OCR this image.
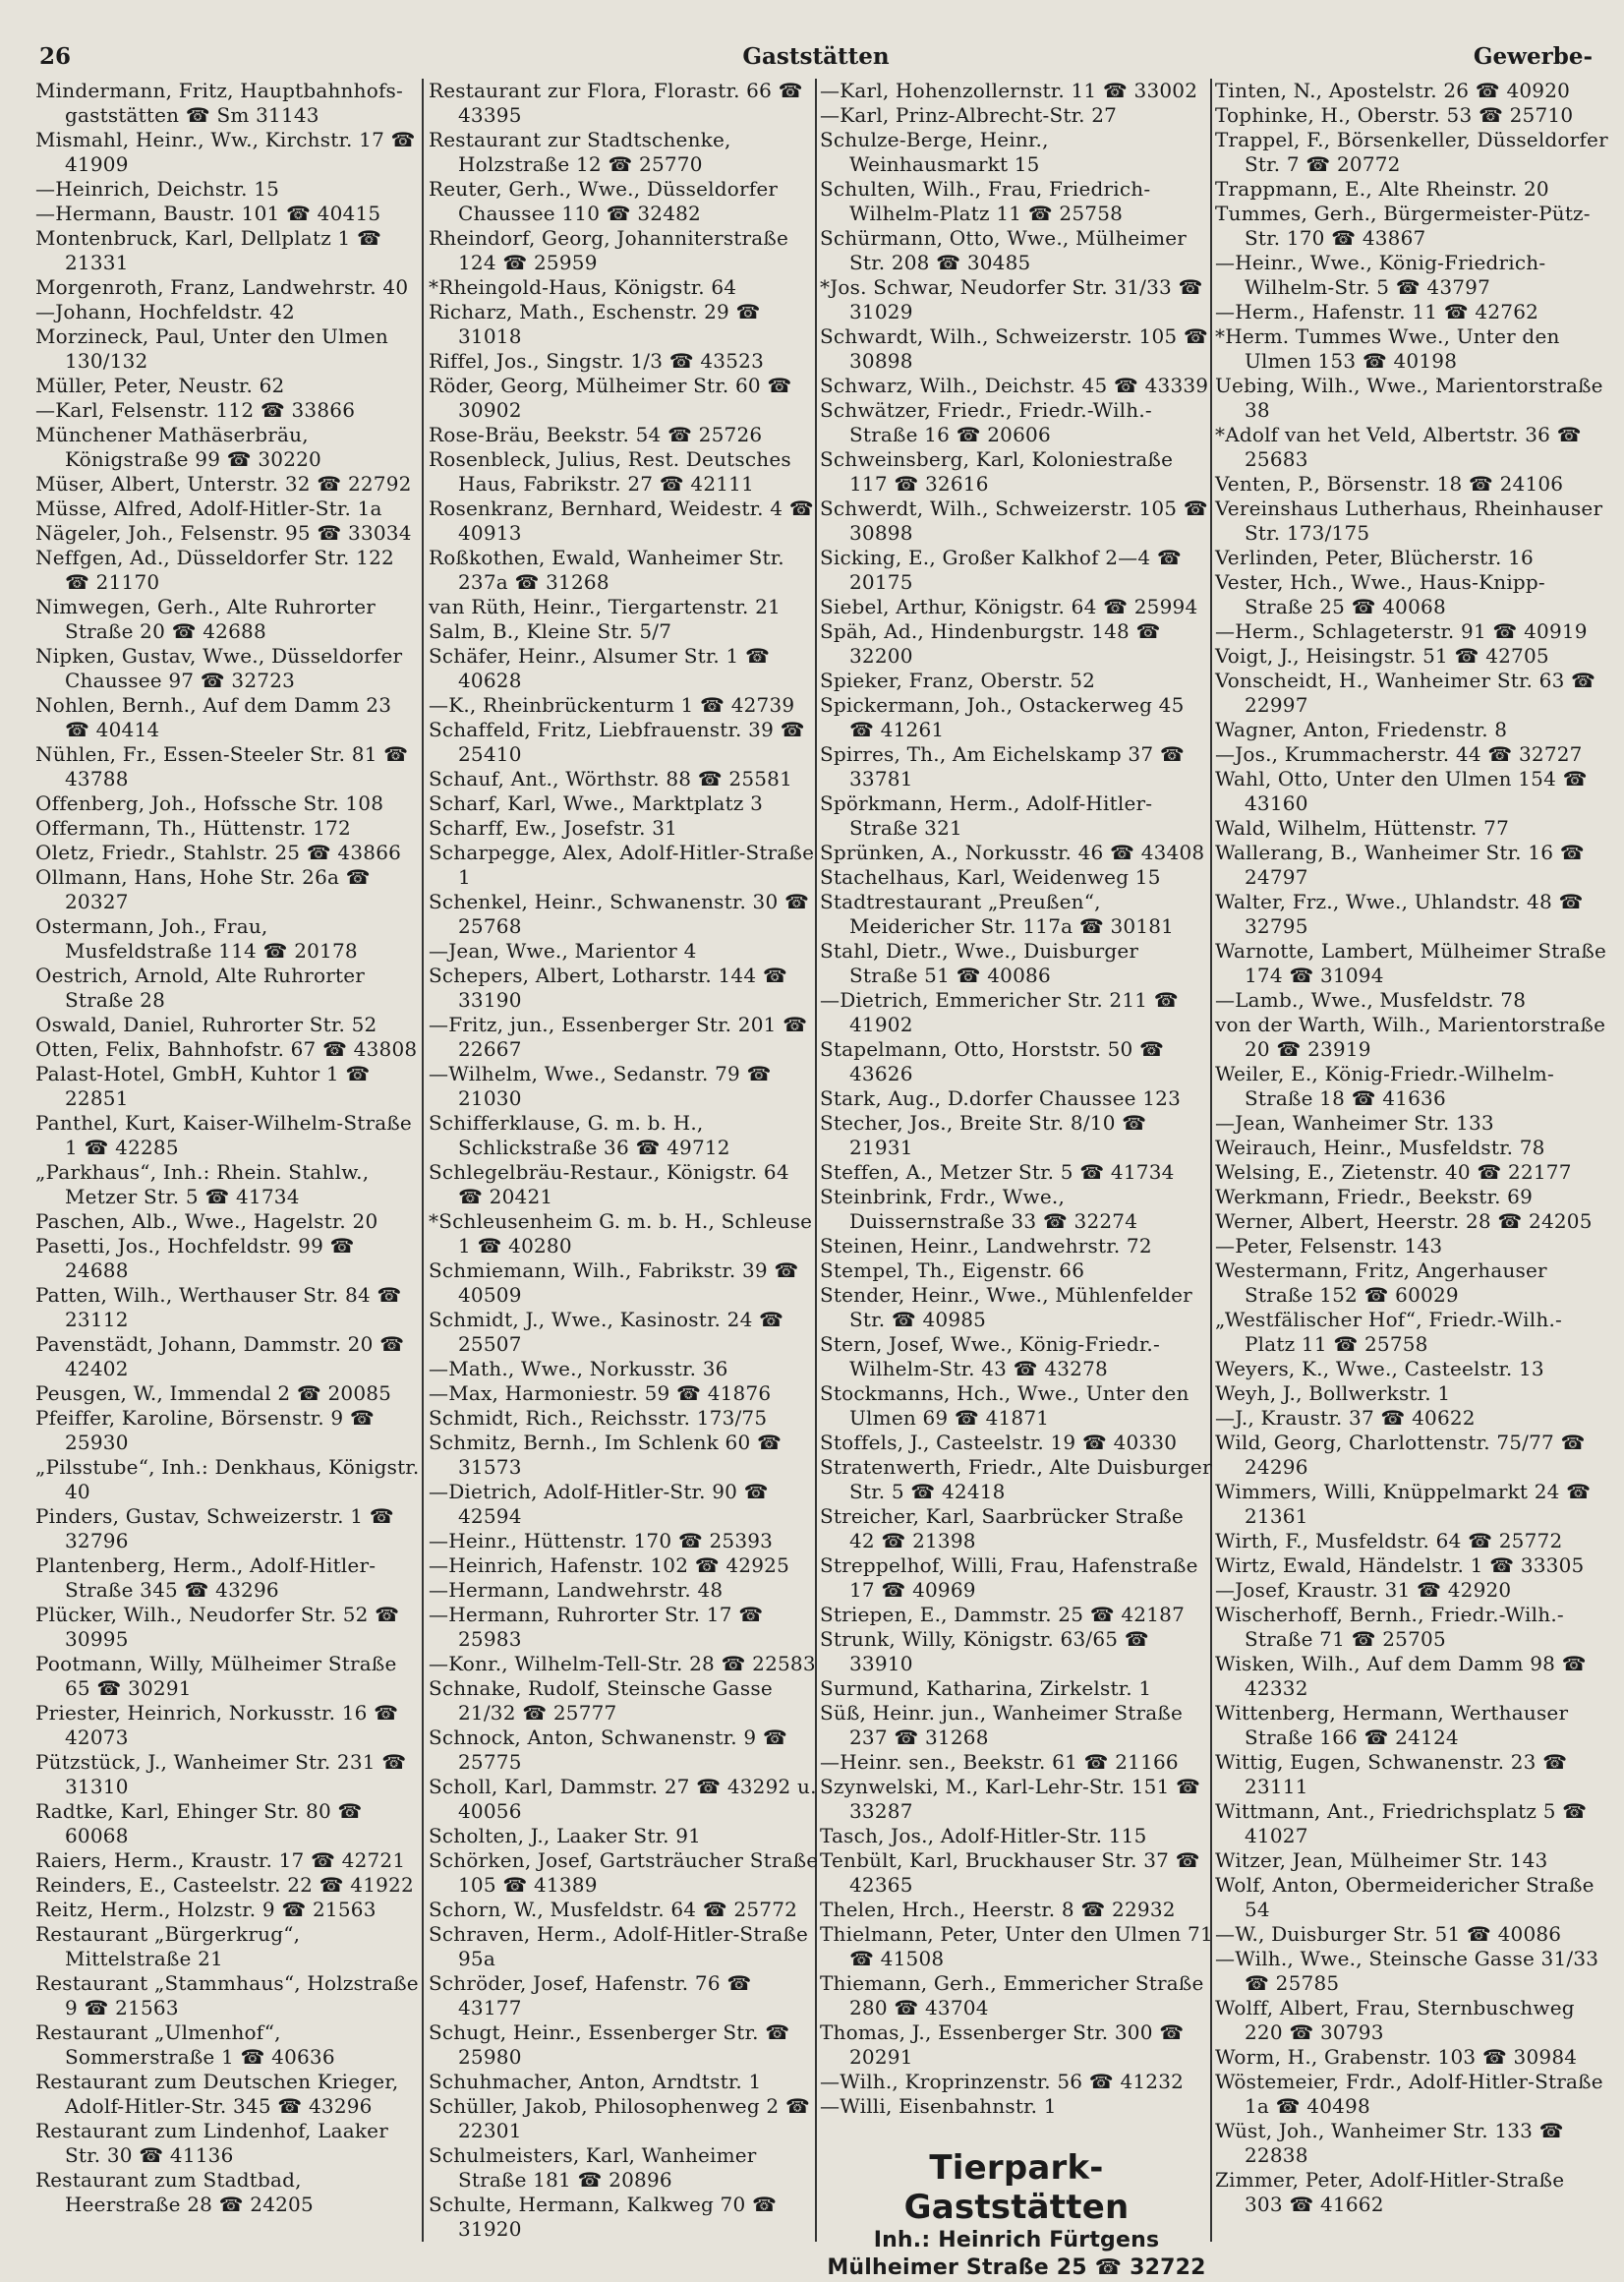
26	Gaststätten	Gewerbe-
Mindermann, Fritz, Hauptbahnhofs-gaststätten ☎ Sm 31143
Mismahl, Heinr., Ww., Kirchstr. 17 ☎ 41909
—Heinrich, Deichstr. 15
—Hermann, Baustr. 101 ☎ 40415
Montenbruck, Karl, Dellplatz 1 ☎ 21331
Morgenroth, Franz, Landwehrstr. 40
—Johann, Hochfeldstr. 42
Morzineck, Paul, Unter den Ulmen 130/132
Müller, Peter, Neustr. 62
—Karl, Felsenstr. 112 ☎ 33866
Münchener Mathäserbräu, Königstraße 99 ☎ 30220
Müser, Albert, Unterstr. 32 ☎ 22792
Müsse, Alfred, Adolf-Hitler-Str. 1a
Nägeler, Joh., Felsenstr. 95 ☎ 33034
Neffgen, Ad., Düsseldorfer Str. 122 ☎ 21170
Nimwegen, Gerh., Alte Ruhrorter Straße 20 ☎ 42688
Nipken, Gustav, Wwe., Düsseldorfer Chaussee 97 ☎ 32723
Nohlen, Bernh., Auf dem Damm 23 ☎ 40414
Nühlen, Fr., Essen-Steeler Str. 81 ☎ 43788
Offenberg, Joh., Hofssche Str. 108
Offermann, Th., Hüttenstr. 172
Oletz, Friedr., Stahlstr. 25 ☎ 43866
Ollmann, Hans, Hohe Str. 26a ☎ 20327
Ostermann, Joh., Frau, Musfeldstraße 114 ☎ 20178
Oestrich, Arnold, Alte Ruhrorter Straße 28
Oswald, Daniel, Ruhrorter Str. 52
Otten, Felix, Bahnhofstr. 67 ☎ 43808
Palast-Hotel, GmbH, Kuhtor 1 ☎ 22851
Panthel, Kurt, Kaiser-Wilhelm-Straße 1 ☎ 42285
„Parkhaus“, Inh.: Rhein. Stahlw., Metzer Str. 5 ☎ 41734
Paschen, Alb., Wwe., Hagelstr. 20
Pasetti, Jos., Hochfeldstr. 99 ☎ 24688
Patten, Wilh., Werthauser Str. 84 ☎ 23112
Pavenstädt, Johann, Dammstr. 20 ☎ 42402
Peusgen, W., Immendal 2 ☎ 20085
Pfeiffer, Karoline, Börsenstr. 9 ☎ 25930
„Pilsstube“, Inh.: Denkhaus, Königstr. 40
Pinders, Gustav, Schweizerstr. 1 ☎ 32796
Plantenberg, Herm., Adolf-Hitler-Straße 345 ☎ 43296
Plücker, Wilh., Neudorfer Str. 52 ☎ 30995
Pootmann, Willy, Mülheimer Straße 65 ☎ 30291
Priester, Heinrich, Norkusstr. 16 ☎ 42073
Pützstück, J., Wanheimer Str. 231 ☎ 31310
Radtke, Karl, Ehinger Str. 80 ☎ 60068
Raiers, Herm., Kraustr. 17 ☎ 42721
Reinders, E., Casteelstr. 22 ☎ 41922
Reitz, Herm., Holzstr. 9 ☎ 21563
Restaurant „Bürgerkrug“, Mittelstraße 21
Restaurant „Stammhaus“, Holzstraße 9 ☎ 21563
Restaurant „Ulmenhof“, Sommerstraße 1 ☎ 40636
Restaurant zum Deutschen Krieger, Adolf-Hitler-Str. 345 ☎ 43296
Restaurant zum Lindenhof, Laaker Str. 30 ☎ 41136
Restaurant zum Stadtbad, Heerstraße 28 ☎ 24205
Restaurant zur Flora, Florastr. 66 ☎ 43395
Restaurant zur Stadtschenke, Holzstraße 12 ☎ 25770
Reuter, Gerh., Wwe., Düsseldorfer Chaussee 110 ☎ 32482
Rheindorf, Georg, Johanniterstraße 124 ☎ 25959
*Rheingold-Haus, Königstr. 64
Richarz, Math., Eschenstr. 29 ☎ 31018
Riffel, Jos., Singstr. 1/3 ☎ 43523
Röder, Georg, Mülheimer Str. 60 ☎ 30902
Rose-Bräu, Beekstr. 54 ☎ 25726
Rosenbleck, Julius, Rest. Deutsches Haus, Fabrikstr. 27 ☎ 42111
Rosenkranz, Bernhard, Weidestr. 4 ☎ 40913
Roßkothen, Ewald, Wanheimer Str. 237a ☎ 31268
van Rüth, Heinr., Tiergartenstr. 21
Salm, B., Kleine Str. 5/7
Schäfer, Heinr., Alsumer Str. 1 ☎ 40628
—K., Rheinbrückenturm 1 ☎ 42739
Schaffeld, Fritz, Liebfrauenstr. 39 ☎ 25410
Schauf, Ant., Wörthstr. 88 ☎ 25581
Scharf, Karl, Wwe., Marktplatz 3
Scharff, Ew., Josefstr. 31
Scharpegge, Alex, Adolf-Hitler-Straße 1
Schenkel, Heinr., Schwanenstr. 30 ☎ 25768
—Jean, Wwe., Marientor 4
Schepers, Albert, Lotharstr. 144 ☎ 33190
—Fritz, jun., Essenberger Str. 201 ☎ 22667
—Wilhelm, Wwe., Sedanstr. 79 ☎ 21030
Schifferklause, G. m. b. H., Schlickstraße 36 ☎ 49712
Schlegelbräu-Restaur., Königstr. 64 ☎ 20421
*Schleusenheim G. m. b. H., Schleuse 1 ☎ 40280
Schmiemann, Wilh., Fabrikstr. 39 ☎ 40509
Schmidt, J., Wwe., Kasinostr. 24 ☎ 25507
—Math., Wwe., Norkusstr. 36
—Max, Harmoniestr. 59 ☎ 41876
Schmidt, Rich., Reichsstr. 173/75
Schmitz, Bernh., Im Schlenk 60 ☎ 31573
—Dietrich, Adolf-Hitler-Str. 90 ☎ 42594
—Heinr., Hüttenstr. 170 ☎ 25393
—Heinrich, Hafenstr. 102 ☎ 42925
—Hermann, Landwehrstr. 48
—Hermann, Ruhrorter Str. 17 ☎ 25983
—Konr., Wilhelm-Tell-Str. 28 ☎ 22583
Schnake, Rudolf, Steinsche Gasse 21/32 ☎ 25777
Schnock, Anton, Schwanenstr. 9 ☎ 25775
Scholl, Karl, Dammstr. 27 ☎ 43292 u. 40056
Scholten, J., Laaker Str. 91
Schörken, Josef, Gartsträucher Straße 105 ☎ 41389
Schorn, W., Musfeldstr. 64 ☎ 25772
Schraven, Herm., Adolf-Hitler-Straße 95a
Schröder, Josef, Hafenstr. 76 ☎ 43177
Schugt, Heinr., Essenberger Str. ☎ 25980
Schuhmacher, Anton, Arndtstr. 1
Schüller, Jakob, Philosophenweg 2 ☎ 22301
Schulmeisters, Karl, Wanheimer Straße 181 ☎ 20896
Schulte, Hermann, Kalkweg 70 ☎ 31920
—Karl, Hohenzollernstr. 11 ☎ 33002
—Karl, Prinz-Albrecht-Str. 27
Schulze-Berge, Heinr., Weinhausmarkt 15
Schulten, Wilh., Frau, Friedrich-Wilhelm-Platz 11 ☎ 25758
Schürmann, Otto, Wwe., Mülheimer Str. 208 ☎ 30485
*Jos. Schwar, Neudorfer Str. 31/33 ☎ 31029
Schwardt, Wilh., Schweizerstr. 105 ☎ 30898
Schwarz, Wilh., Deichstr. 45 ☎ 43339
Schwätzer, Friedr., Friedr.-Wilh.-Straße 16 ☎ 20606
Schweinsberg, Karl, Koloniestraße 117 ☎ 32616
Schwerdt, Wilh., Schweizerstr. 105 ☎ 30898
Sicking, E., Großer Kalkhof 2—4 ☎ 20175
Siebel, Arthur, Königstr. 64 ☎ 25994
Späh, Ad., Hindenburgstr. 148 ☎ 32200
Spieker, Franz, Oberstr. 52
Spickermann, Joh., Ostackerweg 45 ☎ 41261
Spirres, Th., Am Eichelskamp 37 ☎ 33781
Spörkmann, Herm., Adolf-Hitler-Straße 321
Sprünken, A., Norkusstr. 46 ☎ 43408
Stachelhaus, Karl, Weidenweg 15
Stadtrestaurant „Preußen“, Meidericher Str. 117a ☎ 30181
Stahl, Dietr., Wwe., Duisburger Straße 51 ☎ 40086
—Dietrich, Emmericher Str. 211 ☎ 41902
Stapelmann, Otto, Horststr. 50 ☎ 43626
Stark, Aug., D.dorfer Chaussee 123
Stecher, Jos., Breite Str. 8/10 ☎ 21931
Steffen, A., Metzer Str. 5 ☎ 41734
Steinbrink, Frdr., Wwe., Duissernstraße 33 ☎ 32274
Steinen, Heinr., Landwehrstr. 72
Stempel, Th., Eigenstr. 66
Stender, Heinr., Wwe., Mühlenfelder Str. ☎ 40985
Stern, Josef, Wwe., König-Friedr.-Wilhelm-Str. 43 ☎ 43278
Stockmanns, Hch., Wwe., Unter den Ulmen 69 ☎ 41871
Stoffels, J., Casteelstr. 19 ☎ 40330
Stratenwerth, Friedr., Alte Duisburger Str. 5 ☎ 42418
Streicher, Karl, Saarbrücker Straße 42 ☎ 21398
Streppelhof, Willi, Frau, Hafenstraße 17 ☎ 40969
Striepen, E., Dammstr. 25 ☎ 42187
Strunk, Willy, Königstr. 63/65 ☎ 33910
Surmund, Katharina, Zirkelstr. 1
Süß, Heinr. jun., Wanheimer Straße 237 ☎ 31268
—Heinr. sen., Beekstr. 61 ☎ 21166
Szynwelski, M., Karl-Lehr-Str. 151 ☎ 33287
Tasch, Jos., Adolf-Hitler-Str. 115
Tenbült, Karl, Bruckhauser Str. 37 ☎ 42365
Thelen, Hrch., Heerstr. 8 ☎ 22932
Thielmann, Peter, Unter den Ulmen 71 ☎ 41508
Thiemann, Gerh., Emmericher Straße 280 ☎ 43704
Thomas, J., Essenberger Str. 300 ☎ 20291
—Wilh., Kroprinzenstr. 56 ☎ 41232
—Willi, Eisenbahnstr. 1
Tierpark-Gaststätten
Inh.: Heinrich Fürtgens
Mülheimer Straße 25 ☎ 32722
Tinten, N., Apostelstr. 26 ☎ 40920
Tophinke, H., Oberstr. 53 ☎ 25710
Trappel, F., Börsenkeller, Düsseldorfer Str. 7 ☎ 20772
Trappmann, E., Alte Rheinstr. 20
Tummes, Gerh., Bürgermeister-Pütz-Str. 170 ☎ 43867
—Heinr., Wwe., König-Friedrich-Wilhelm-Str. 5 ☎ 43797
—Herm., Hafenstr. 11 ☎ 42762
*Herm. Tummes Wwe., Unter den Ulmen 153 ☎ 40198
Uebing, Wilh., Wwe., Marientorstraße 38
*Adolf van het Veld, Albertstr. 36 ☎ 25683
Venten, P., Börsenstr. 18 ☎ 24106
Vereinshaus Lutherhaus, Rheinhauser Str. 173/175
Verlinden, Peter, Blücherstr. 16
Vester, Hch., Wwe., Haus-Knipp-Straße 25 ☎ 40068
—Herm., Schlageterstr. 91 ☎ 40919
Voigt, J., Heisingstr. 51 ☎ 42705
Vonscheidt, H., Wanheimer Str. 63 ☎ 22997
Wagner, Anton, Friedenstr. 8
—Jos., Krummacherstr. 44 ☎ 32727
Wahl, Otto, Unter den Ulmen 154 ☎ 43160
Wald, Wilhelm, Hüttenstr. 77
Wallerang, B., Wanheimer Str. 16 ☎ 24797
Walter, Frz., Wwe., Uhlandstr. 48 ☎ 32795
Warnotte, Lambert, Mülheimer Straße 174 ☎ 31094
—Lamb., Wwe., Musfeldstr. 78
von der Warth, Wilh., Marientorstraße 20 ☎ 23919
Weiler, E., König-Friedr.-Wilhelm-Straße 18 ☎ 41636
—Jean, Wanheimer Str. 133
Weirauch, Heinr., Musfeldstr. 78
Welsing, E., Zietenstr. 40 ☎ 22177
Werkmann, Friedr., Beekstr. 69
Werner, Albert, Heerstr. 28 ☎ 24205
—Peter, Felsenstr. 143
Westermann, Fritz, Angerhauser Straße 152 ☎ 60029
„Westfälischer Hof“, Friedr.-Wilh.-Platz 11 ☎ 25758
Weyers, K., Wwe., Casteelstr. 13
Weyh, J., Bollwerkstr. 1
—J., Kraustr. 37 ☎ 40622
Wild, Georg, Charlottenstr. 75/77 ☎ 24296
Wimmers, Willi, Knüppelmarkt 24 ☎ 21361
Wirth, F., Musfeldstr. 64 ☎ 25772
Wirtz, Ewald, Händelstr. 1 ☎ 33305
—Josef, Kraustr. 31 ☎ 42920
Wischerhoff, Bernh., Friedr.-Wilh.-Straße 71 ☎ 25705
Wisken, Wilh., Auf dem Damm 98 ☎ 42332
Wittenberg, Hermann, Werthauser Straße 166 ☎ 24124
Wittig, Eugen, Schwanenstr. 23 ☎ 23111
Wittmann, Ant., Friedrichsplatz 5 ☎ 41027
Witzer, Jean, Mülheimer Str. 143
Wolf, Anton, Obermeidericher Straße 54
—W., Duisburger Str. 51 ☎ 40086
—Wilh., Wwe., Steinsche Gasse 31/33 ☎ 25785
Wolff, Albert, Frau, Sternbuschweg 220 ☎ 30793
Worm, H., Grabenstr. 103 ☎ 30984
Wöstemeier, Frdr., Adolf-Hitler-Straße 1a ☎ 40498
Wüst, Joh., Wanheimer Str. 133 ☎ 22838
Zimmer, Peter, Adolf-Hitler-Straße 303 ☎ 41662
